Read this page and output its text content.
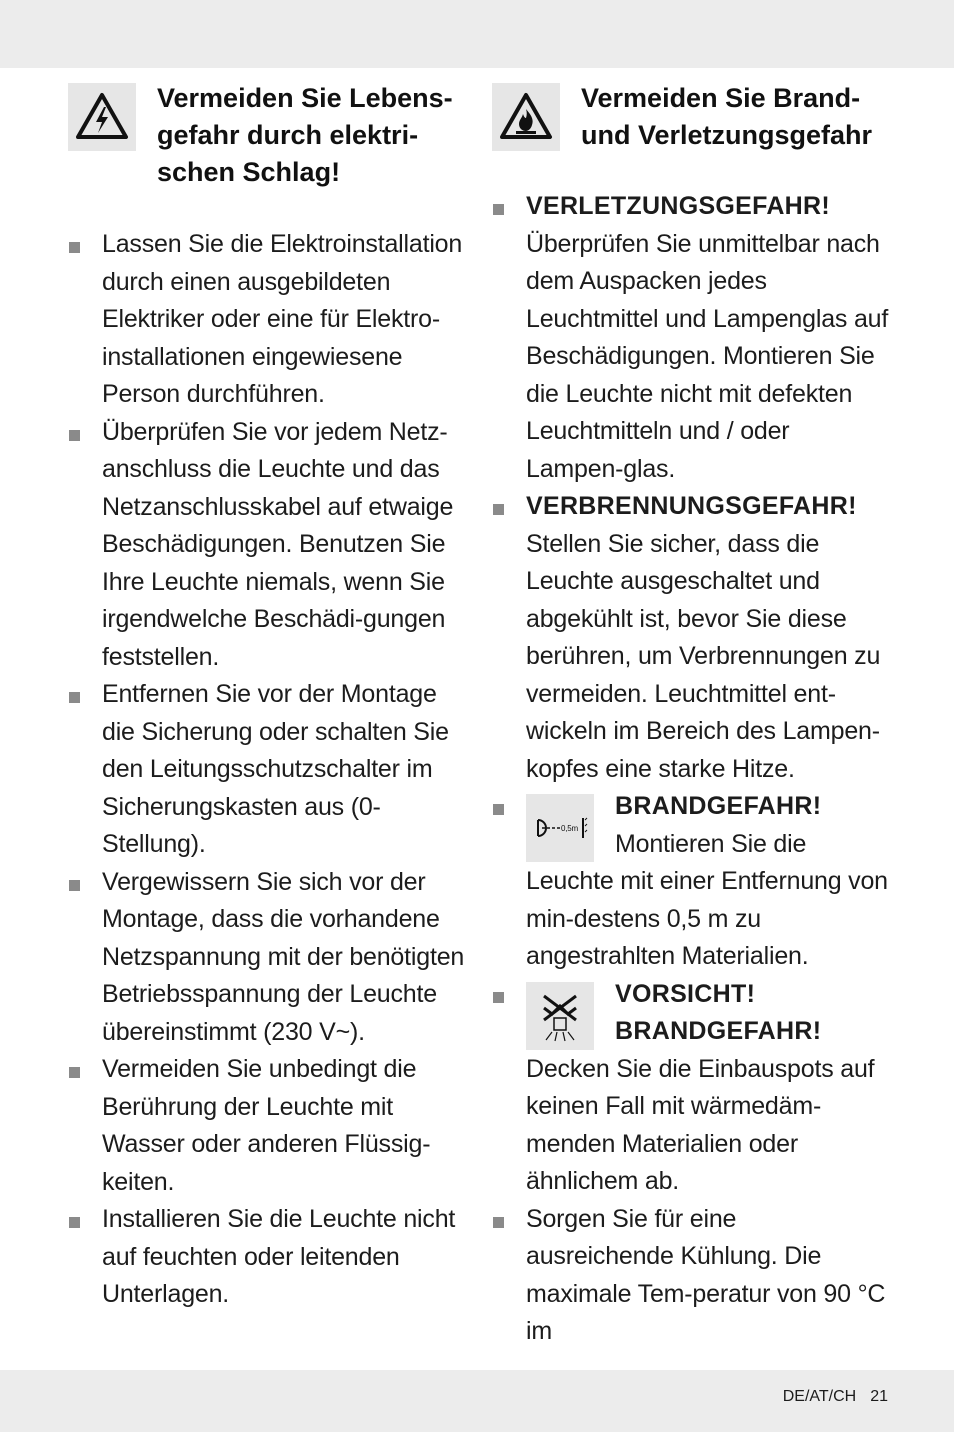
Vermeiden Sie Lebens-
gefahr durch elektri-
schen Schlag!
Lassen Sie die Elektroinstallation durch einen ausgebildeten Elektriker oder eine für Elektro-installationen eingewiesene Person durchführen.
Überprüfen Sie vor jedem Netz-anschluss die Leuchte und das Netzanschlusskabel auf etwaige Beschädigungen. Benutzen Sie Ihre Leuchte niemals, wenn Sie irgendwelche Beschädi-gungen feststellen.
Entfernen Sie vor der Montage die Sicherung oder schalten Sie den Leitungsschutzschalter im Sicherungskasten aus (0-Stellung).
Vergewissern Sie sich vor der Montage, dass die vorhandene Netzspannung mit der benötigten Betriebsspannung der Leuchte übereinstimmt (230 V~).
Vermeiden Sie unbedingt die Berührung der Leuchte mit Wasser oder anderen Flüssig-keiten.
Installieren Sie die Leuchte nicht auf feuchten oder leitenden Unterlagen.
Vermeiden Sie Brand-
und Verletzungsgefahr
VERLETZUNGSGEFAHR!
Überprüfen Sie unmittelbar nach dem Auspacken jedes Leuchtmittel und Lampenglas auf Beschädigungen. Montieren Sie die Leuchte nicht mit defekten Leuchtmitteln und / oder Lampen-glas.
VERBRENNUNGSGEFAHR!
Stellen Sie sicher, dass die Leuchte ausgeschaltet und abgekühlt ist, bevor Sie diese berühren, um Verbrennungen zu vermeiden. Leuchtmittel ent-wickeln im Bereich des Lampen-kopfes eine starke Hitze.
0,5m
BRANDGEFAHR!
Montieren Sie die Leuchte mit einer Entfernung von min-destens 0,5 m zu angestrahlten Materialien.
VORSICHT!
BRANDGEFAHR!
Decken Sie die Einbauspots auf keinen Fall mit wärmedäm-menden Materialien oder ähnlichem ab.
Sorgen Sie für eine ausreichende Kühlung. Die maximale Tem-peratur von 90 °C im
DE/AT/CH 21
